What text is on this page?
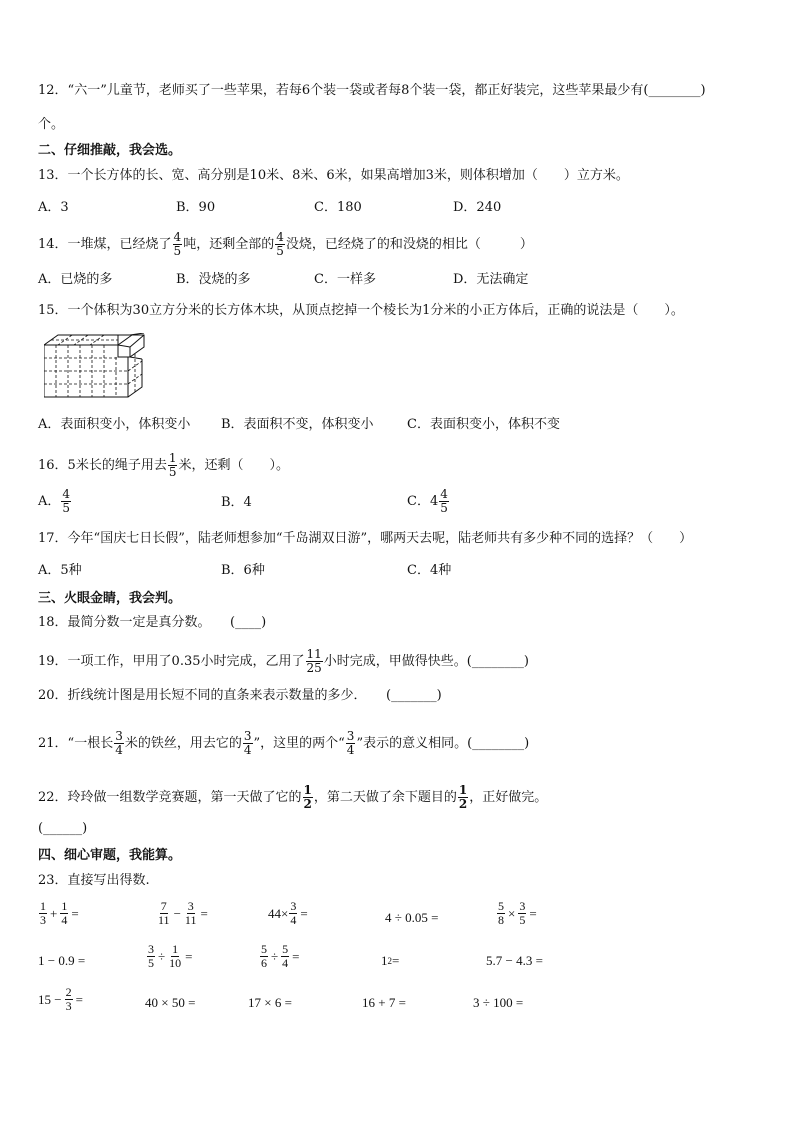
12．“六一”儿童节，老师买了一些苹果，若每6个装一袋或者每8个装一袋，都正好装完，这些苹果最少有(________)
个。
二、仔细推敲，我会选。
13．一个长方体的长、宽、高分别是10米、8米、6米，如果高增加3米，则体积增加（　　）立方米。
A．3	B．90	C．180	D．240
14．一堆煤，已经烧了 $\frac{4}{5}$ 吨，还剩全部的 $\frac{4}{5}$ 没烧，已经烧了的和没烧的相比（　　　）
A．已烧的多	B．没烧的多	C．一样多	D．无法确定
15．一个体积为30立方分米的长方体木块，从顶点挖掉一个棱长为1分米的小正方体后，正确的说法是（　　）。
A．表面积变小，体积变小 B．表面积不变，体积变小	C．表面积变小，体积不变
16．5米长的绳子用去 $\frac{1}{5}$ 米，还剩（　　）。
A． $\frac{4}{5}$	B．4	C． $4 \frac{4}{5}$
17．今年“国庆七日长假”，陆老师想参加“千岛湖双日游”，哪两天去呢，陆老师共有多少种不同的选择？（　　）
A．5种	B．6种	C．4种
三、火眼金睛，我会判。
18．最简分数一定是真分数。　　(____)
19．一项工作，甲用了0.35小时完成，乙用了 $\frac{11}{25}$ 小时完成，甲做得快些。(________)
20．折线统计图是用长短不同的直条来表示数量的多少．　　(_______)
21．“一根长 $\frac{3}{4}$ 米的铁丝，用去它的 $\frac{3}{4}$ ”，这里的两个“ $\frac{3}{4}$ ”表示的意义相同。(________)
22．玲玲做一组数学竞赛题，第一天做了它的 $\frac{1}{2}$ ，第二天做了余下题目的 $\frac{1}{2}$ ，正好做完。
(______)
四、细心审题，我能算。
23．直接写出得数.
$\frac{1}{3} + \frac{1}{4}$ =	$\frac{7}{11} - \frac{3}{11}$ =	$44\times \frac{3}{4}$ =	4 ÷ 0.05 =	$\frac{5}{8} \times \frac{3}{5}$ =
1 − 0.9 =	$\frac{3}{5} \div \frac{1}{10}$ =	$\frac{5}{6} \div \frac{5}{4}$ =	1 2 =	5.7 − 4.3 =
$15 - \frac{2}{3}$ =	40 × 50 =	17 × 6 =	16 + 7 =	3 ÷ 100 =
